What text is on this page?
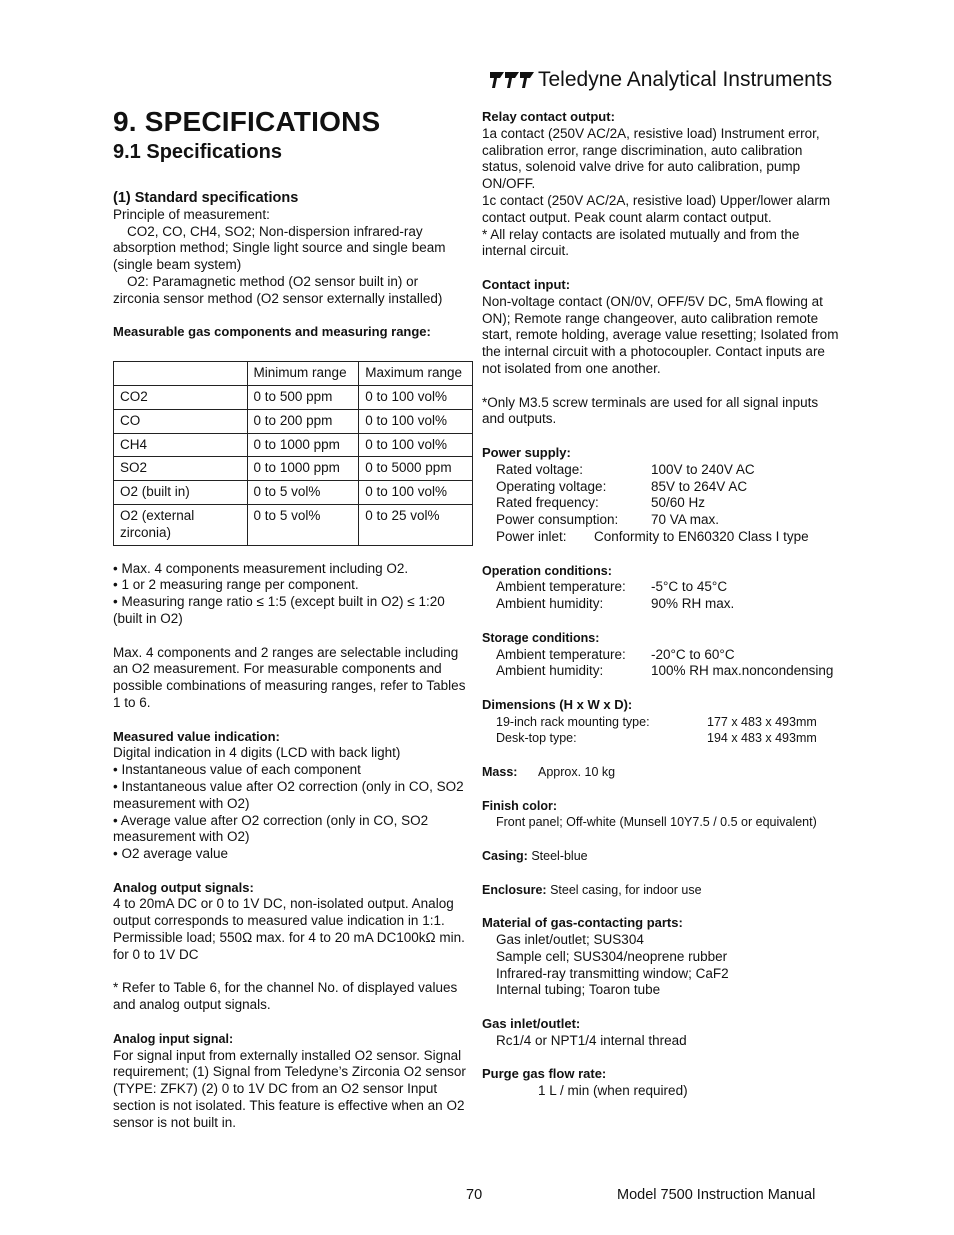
Teledyne Analytical Instruments
9. SPECIFICATIONS
9.1 Specifications
(1) Standard specifications
Principle of measurement:
CO2, CO, CH4, SO2; Non-dispersion infrared-ray
absorption method; Single light source and single beam
(single beam system)
O2: Paramagnetic method (O2 sensor built in) or
zirconia sensor method (O2 sensor externally installed)
Measurable gas components and measuring range:
	Minimum range	Maximum range
CO2	0 to 500 ppm	0 to 100 vol%
CO	0 to 200 ppm	0 to 100 vol%
CH4	0 to 1000 ppm	0 to 100 vol%
SO2	0 to 1000 ppm	0 to 5000 ppm
O2 (built in)	0 to 5 vol%	0 to 100 vol%
O2 (external zirconia)	0 to 5 vol%	0 to 25 vol%
• Max. 4 components measurement including O2.
• 1 or 2 measuring range per component.
• Measuring range ratio ≤ 1:5 (except built in O2) ≤ 1:20 (built in O2)
Max. 4 components and 2 ranges are selectable including an O2 measurement. For measurable components and possible combinations of measuring ranges, refer to Tables 1 to 6.
Measured value indication:
Digital indication in 4 digits (LCD with back light)
• Instantaneous value of each component
• Instantaneous value after O2 correction (only in CO, SO2 measurement with O2)
• Average value after O2 correction (only in CO, SO2 measurement with O2)
• O2 average value
Analog output signals:
4 to 20mA DC or 0 to 1V DC, non-isolated output. Analog output corresponds to measured value indication in 1:1. Permissible load; 550Ω max. for 4 to 20 mA DC100kΩ min. for 0 to 1V DC
* Refer to Table 6, for the channel No. of displayed values and analog output signals.
Analog input signal:
For signal input from externally installed O2 sensor. Signal requirement; (1) Signal from Teledyne’s Zirconia O2 sensor (TYPE: ZFK7) (2) 0 to 1V DC from an O2 sensor Input section is not isolated. This feature is effective when an O2 sensor is not built in.
Relay contact output:
1a contact (250V AC/2A, resistive load) Instrument error, calibration error, range discrimination, auto calibration status, solenoid valve drive for auto calibration, pump ON/OFF.
1c contact (250V AC/2A, resistive load) Upper/lower alarm contact output. Peak count alarm contact output.
* All relay contacts are isolated mutually and from the internal circuit.
Contact input:
Non-voltage contact (ON/0V, OFF/5V DC, 5mA flowing at ON); Remote range changeover, auto calibration remote start, remote holding, average value resetting; Isolated from the internal circuit with a photocoupler. Contact inputs are not isolated from one another.
*Only M3.5 screw terminals are used for all signal inputs and outputs.
Power supply:
Rated voltage:	100V to 240V AC
Operating voltage:	85V to 264V AC
Rated frequency:	50/60 Hz
Power consumption:	70 VA max.
Power inlet:	Conformity to EN60320 Class I type
Operation conditions:
Ambient temperature:	-5°C to 45°C
Ambient humidity:	90% RH max.
Storage conditions:
Ambient temperature:	-20°C to 60°C
Ambient humidity:	100% RH max.noncondensing
Dimensions (H x W x D):
19-inch rack mounting type:	177 x 483 x 493mm
Desk-top type:	194 x 483 x 493mm
Mass:	Approx. 10 kg
Finish color:
Front panel; Off-white (Munsell 10Y7.5 / 0.5 or equivalent)
Casing: Steel-blue
Enclosure: Steel casing, for indoor use
Material of gas-contacting parts:
Gas inlet/outlet; SUS304
Sample cell; SUS304/neoprene rubber
Infrared-ray transmitting window; CaF2
Internal tubing; Toaron tube
Gas inlet/outlet:
Rc1/4 or NPT1/4 internal thread
Purge gas flow rate:
1 L / min (when required)
70	Model 7500 Instruction Manual
